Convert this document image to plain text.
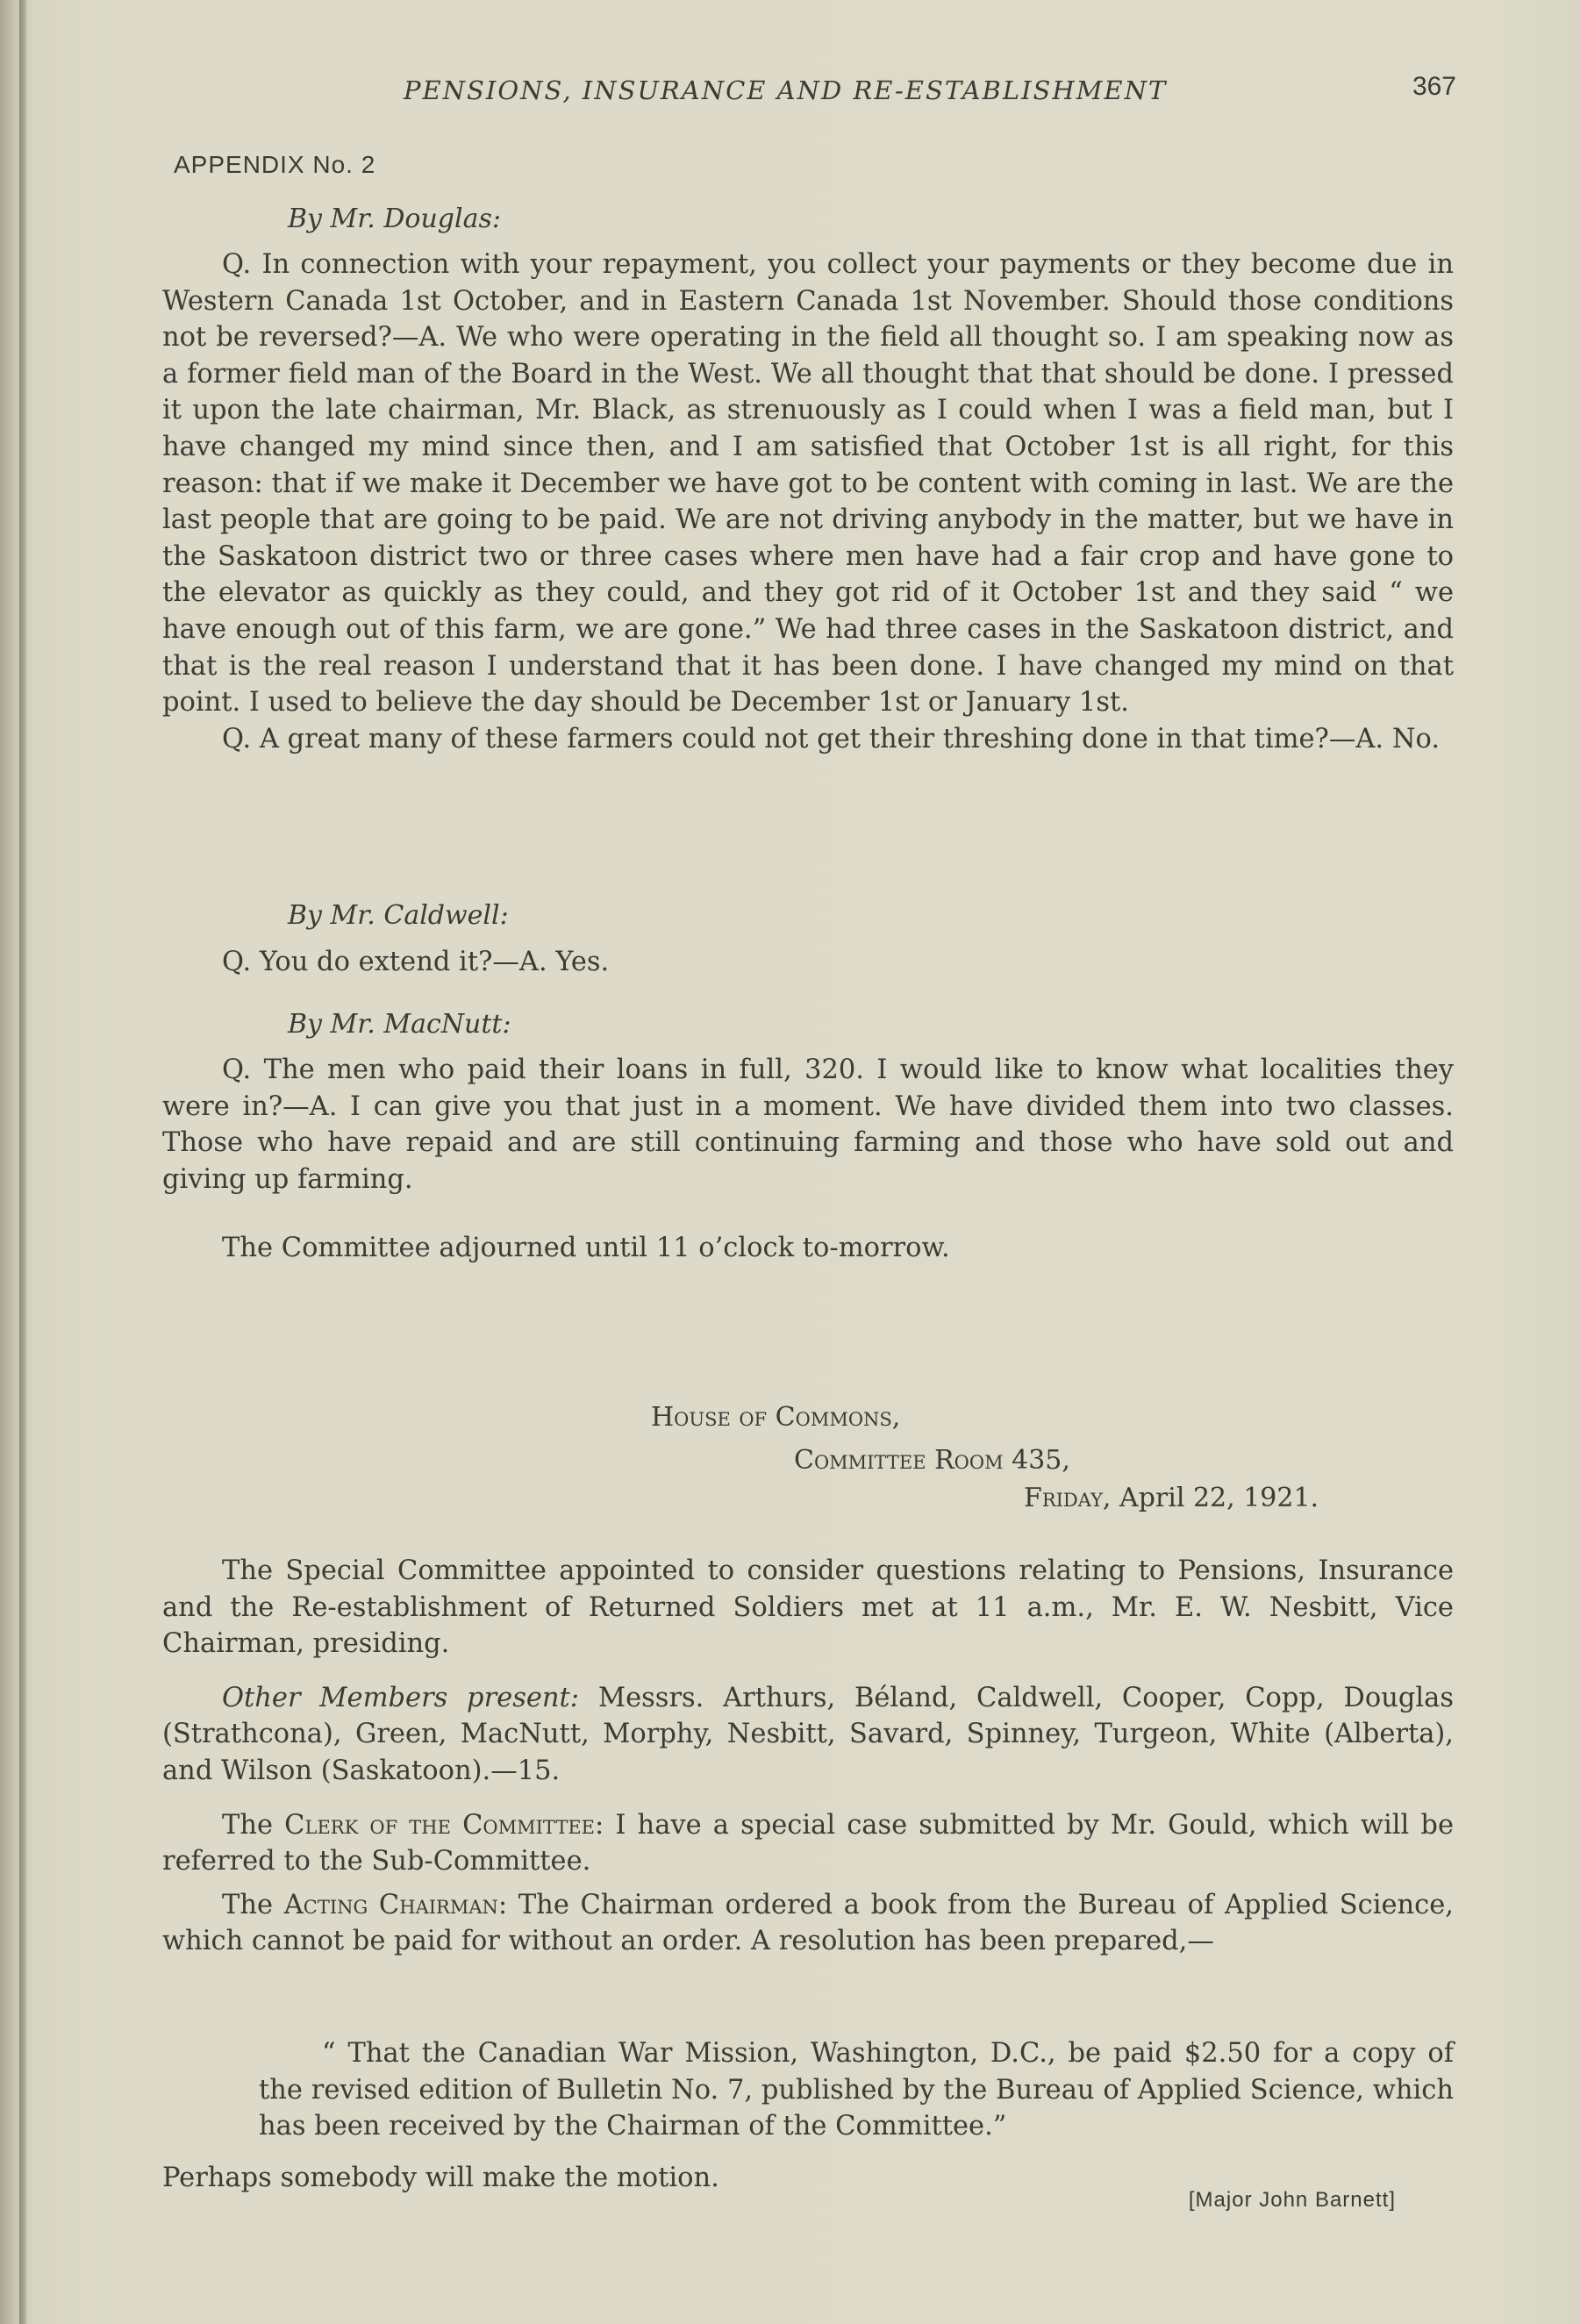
PENSIONS, INSURANCE AND RE-ESTABLISHMENT	367
APPENDIX No. 2
By Mr. Douglas:

Q. In connection with your repayment, you collect your payments or they become due in Western Canada 1st October, and in Eastern Canada 1st November. Should those conditions not be reversed?—A. We who were operating in the field all thought so. I am speaking now as a former field man of the Board in the West. We all thought that that should be done. I pressed it upon the late chairman, Mr. Black, as strenuously as I could when I was a field man, but I have changed my mind since then, and I am satisfied that October 1st is all right, for this reason: that if we make it December we have got to be content with coming in last. We are the last people that are going to be paid. We are not driving anybody in the matter, but we have in the Saskatoon district two or three cases where men have had a fair crop and have gone to the elevator as quickly as they could, and they got rid of it October 1st and they said “ we have enough out of this farm, we are gone.” We had three cases in the Saskatoon district, and that is the real reason I understand that it has been done. I have changed my mind on that point. I used to believe the day should be December 1st or January 1st.

Q. A great many of these farmers could not get their threshing done in that time?—A. No.

By Mr. Caldwell:

Q. You do extend it?—A. Yes.

By Mr. MacNutt:

Q. The men who paid their loans in full, 320. I would like to know what localities they were in?—A. I can give you that just in a moment. We have divided them into two classes. Those who have repaid and are still continuing farming and those who have sold out and giving up farming.

The Committee adjourned until 11 o’clock to-morrow.

House of Commons,
Committee Room 435,
Friday, April 22, 1921.

The Special Committee appointed to consider questions relating to Pensions, Insurance and the Re-establishment of Returned Soldiers met at 11 a.m., Mr. E. W. Nesbitt, Vice Chairman, presiding.

Other Members present: Messrs. Arthurs, Béland, Caldwell, Cooper, Copp, Douglas (Strathcona), Green, MacNutt, Morphy, Nesbitt, Savard, Spinney, Turgeon, White (Alberta), and Wilson (Saskatoon).—15.

The Clerk of the Committee: I have a special case submitted by Mr. Gould, which will be referred to the Sub-Committee.

The Acting Chairman: The Chairman ordered a book from the Bureau of Applied Science, which cannot be paid for without an order. A resolution has been prepared,—

“ That the Canadian War Mission, Washington, D.C., be paid $2.50 for a copy of the revised edition of Bulletin No. 7, published by the Bureau of Applied Science, which has been received by the Chairman of the Committee.”

Perhaps somebody will make the motion.
[Major John Barnett]
